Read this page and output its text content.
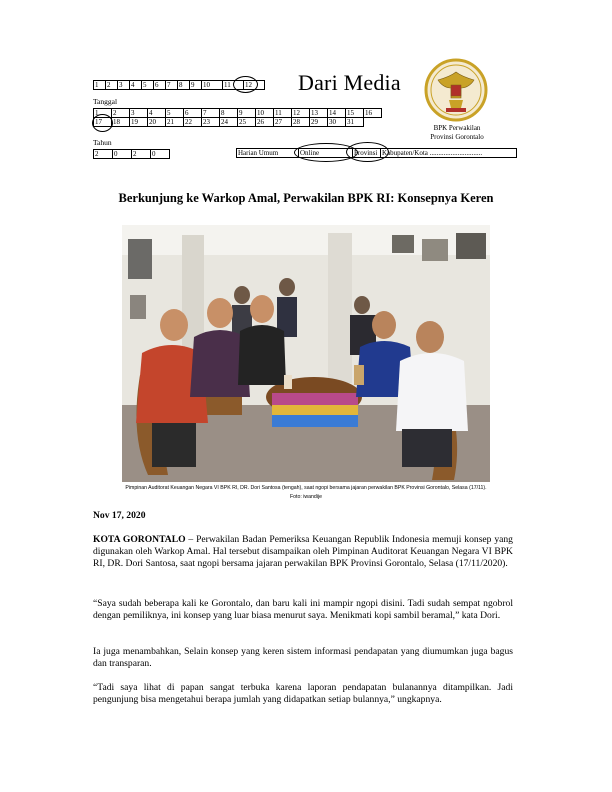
1	2	3	4	5	6	7	8	9	10	11	12
Tanggal
1	2	3	4	5	6	7	8	9	10	11	12	13	14	15	16
17	18	19	20	21	22	23	24	25	26	27	28	29	30	31	
Tahun
2	0	2	0
Dari Media
Harian Umum	Online	Provinsi	Kabupaten/Kota ..............................
BPK Perwakilan
Provinsi Gorontalo
Berkunjung ke Warkop Amal, Perwakilan BPK RI: Konsepnya Keren
Pimpinan Auditorat Keuangan Negara VI BPK RI, DR. Dori Santosa (tengah), saat ngopi bersama jajaran perwakilan BPK Provinsi Gorontalo, Selasa (17/11).
Foto: iwandije
Nov 17, 2020
KOTA GORONTALO – Perwakilan Badan Pemeriksa Keuangan Republik Indonesia memuji konsep yang digunakan oleh Warkop Amal. Hal tersebut disampaikan oleh Pimpinan Auditorat Keuangan Negara VI BPK RI, DR. Dori Santosa, saat ngopi bersama jajaran perwakilan BPK Provinsi Gorontalo, Selasa (17/11/2020).
“Saya sudah beberapa kali ke Gorontalo, dan baru kali ini mampir ngopi disini. Tadi sudah sempat ngobrol dengan pemiliknya, ini konsep yang luar biasa menurut saya. Menikmati kopi sambil beramal,” kata Dori.
Ia juga menambahkan, Selain konsep yang keren sistem informasi pendapatan yang diumumkan juga bagus dan transparan.
“Tadi saya lihat di papan sangat terbuka karena laporan pendapatan bulanannya ditampilkan. Jadi pengunjung bisa mengetahui berapa jumlah yang didapatkan setiap bulannya,” ungkapnya.
